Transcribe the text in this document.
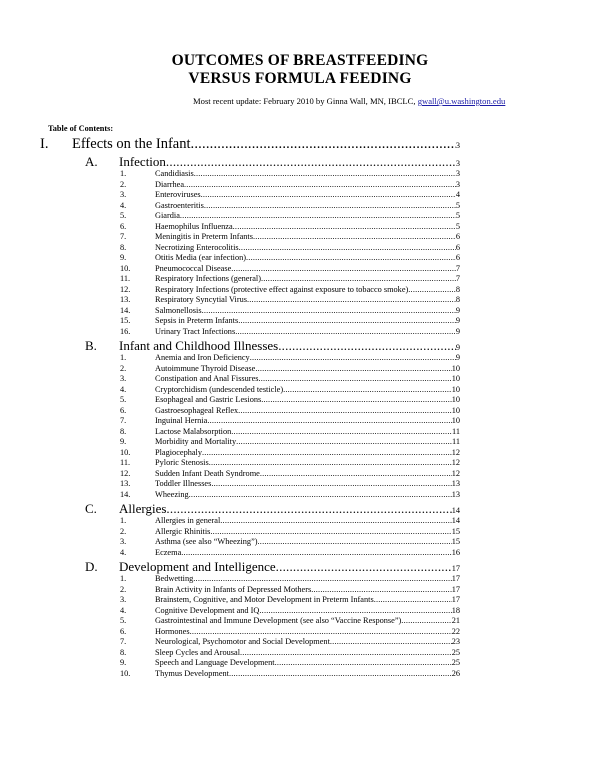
OUTCOMES OF BREASTFEEDING
VERSUS FORMULA FEEDING
Most recent update: February 2010 by Ginna Wall, MN, IBCLC, gwall@u.washington.edu
Table of Contents:
I. Effects on the Infant .....	3
A. Infection .....	3
1.	Candidiasis .....	3
2.	Diarrhea .....	3
3.	Enteroviruses .....	4
4.	Gastroenteritis .....	5
5.	Giardia .....	5
6.	Haemophilus Influenza .....	5
7.	Meningitis in Preterm Infants .....	6
8.	Necrotizing Enterocolitis .....	6
9.	Otitis Media (ear infection) .....	6
10.	Pneumococcal Disease .....	7
11.	Respiratory Infections (general) .....	7
12.	Respiratory Infections (protective effect against exposure to tobacco smoke) .....	8
13.	Respiratory Syncytial Virus .....	8
14.	Salmonellosis .....	9
15.	Sepsis in Preterm Infants .....	9
16.	Urinary Tract Infections .....	9
B. Infant and Childhood Illnesses .....	9
1.	Anemia and Iron Deficiency .....	9
2.	Autoimmune Thyroid Disease .....	10
3.	Constipation and Anal Fissures .....	10
4.	Cryptorchidism (undescended testicle) .....	10
5.	Esophageal and Gastric Lesions .....	10
6.	Gastroesophageal Reflex .....	10
7.	Inguinal Hernia .....	10
8.	Lactose Malabsorption .....	11
9.	Morbidity and Mortality .....	11
10.	Plagiocephaly .....	12
11.	Pyloric Stenosis .....	12
12.	Sudden Infant Death Syndrome .....	12
13.	Toddler Illnesses .....	13
14.	Wheezing .....	13
C. Allergies .....	14
1.	Allergies in general .....	14
2.	Allergic Rhinitis .....	15
3.	Asthma (see also “Wheezing”) .....	15
4.	Eczema .....	16
D. Development and Intelligence .....	17
1.	Bedwetting .....	17
2.	Brain Activity in Infants of Depressed Mothers .....	17
3.	Brainstem, Cognitive, and Motor Development in Preterm Infants .....	17
4.	Cognitive Development and IQ .....	18
5.	Gastrointestinal and Immune Development (see also “Vaccine Response”) .....	21
6.	Hormones .....	22
7.	Neurological, Psychomotor and Social Development .....	23
8.	Sleep Cycles and Arousal .....	25
9.	Speech and Language Development .....	25
10.	Thymus Development .....	26
